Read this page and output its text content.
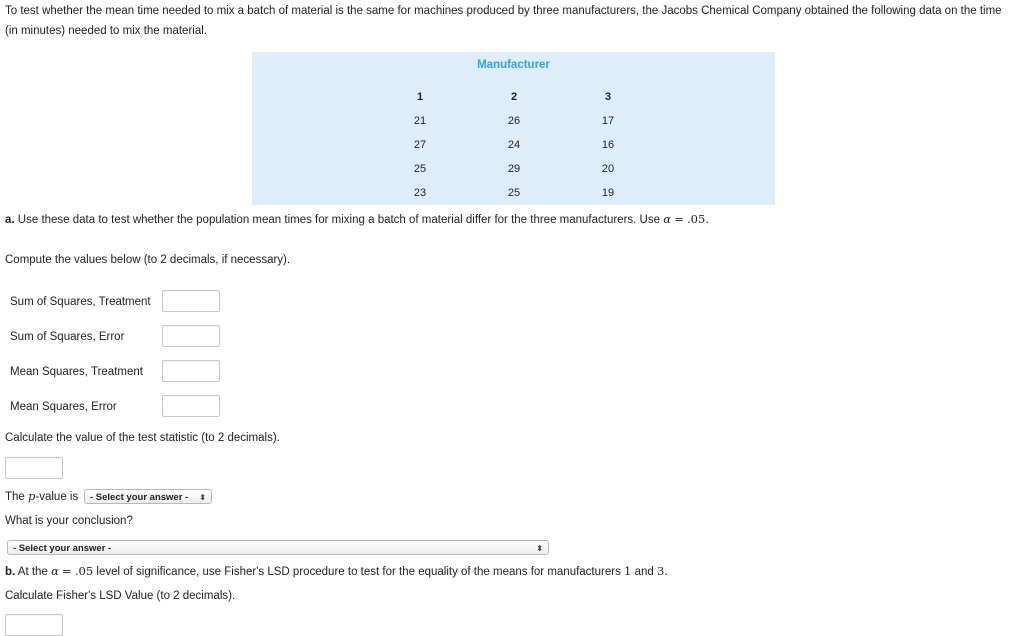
To test whether the mean time needed to mix a batch of material is the same for machines produced by three manufacturers, the Jacobs Chemical Company obtained the following data on the time (in minutes) needed to mix the material.
Manufacturer
1
21
27
25
23
2
26
24
29
25
3
17
16
20
19
a. Use these data to test whether the population mean times for mixing a batch of material differ for the three manufacturers. Use α = .05.
Compute the values below (to 2 decimals, if necessary).
Sum of Squares, Treatment
Sum of Squares, Error
Mean Squares, Treatment
Mean Squares, Error
Calculate the value of the test statistic (to 2 decimals).
The p-value is	- Select your answer - ⬍
What is your conclusion?
- Select your answer -	⬍
b. At the α = .05 level of significance, use Fisher's LSD procedure to test for the equality of the means for manufacturers 1 and 3.
Calculate Fisher's LSD Value (to 2 decimals).
